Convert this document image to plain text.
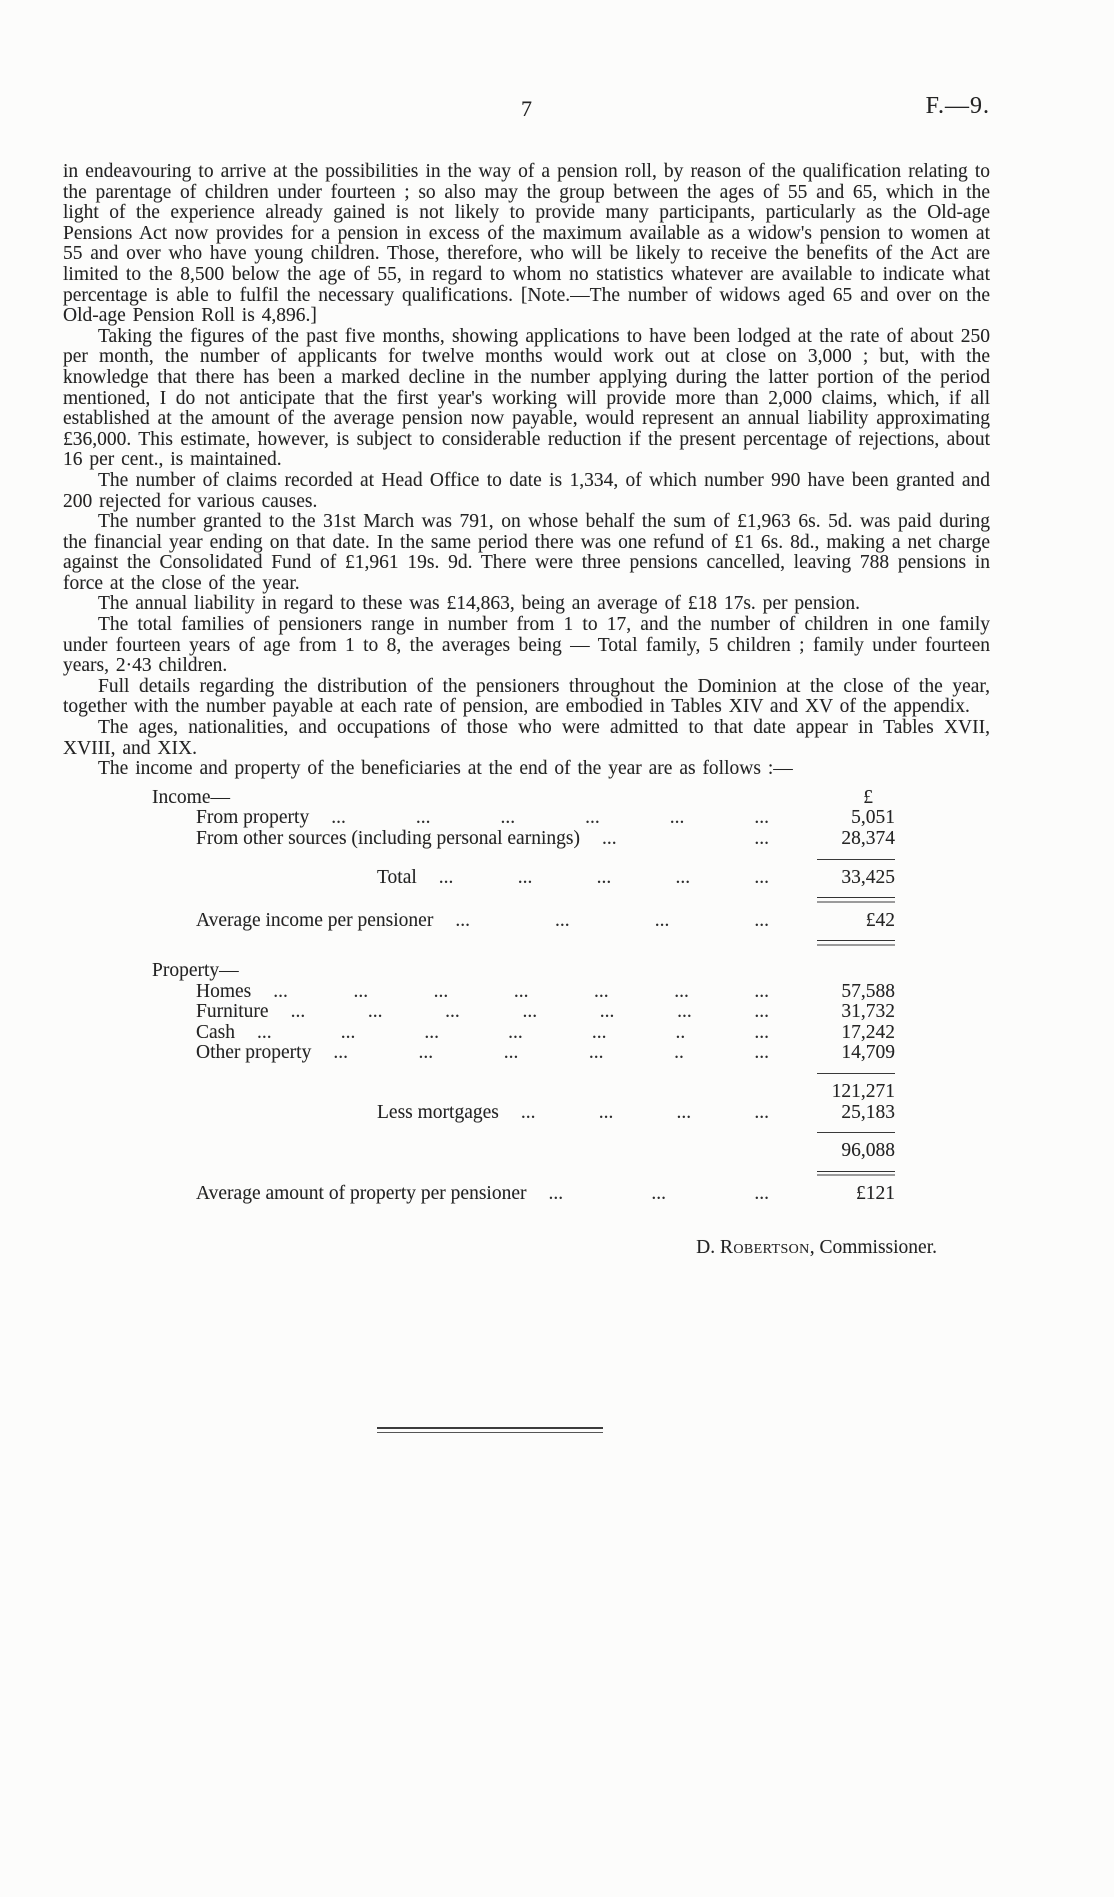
7	F.—9.

in endeavouring to arrive at the possibilities in the way of a pension roll, by reason of the qualification relating to the parentage of children under fourteen ; so also may the group between the ages of 55 and 65, which in the light of the experience already gained is not likely to provide many participants, particularly as the Old-age Pensions Act now provides for a pension in excess of the maximum available as a widow's pension to women at 55 and over who have young children. Those, therefore, who will be likely to receive the benefits of the Act are limited to the 8,500 below the age of 55, in regard to whom no statistics whatever are available to indicate what percentage is able to fulfil the necessary qualifications. [Note.—The number of widows aged 65 and over on the Old-age Pension Roll is 4,896.]

Taking the figures of the past five months, showing applications to have been lodged at the rate of about 250 per month, the number of applicants for twelve months would work out at close on 3,000 ; but, with the knowledge that there has been a marked decline in the number applying during the latter portion of the period mentioned, I do not anticipate that the first year's working will provide more than 2,000 claims, which, if all established at the amount of the average pension now payable, would represent an annual liability approximating £36,000. This estimate, however, is subject to considerable reduction if the present percentage of rejections, about 16 per cent., is maintained.

The number of claims recorded at Head Office to date is 1,334, of which number 990 have been granted and 200 rejected for various causes.

The number granted to the 31st March was 791, on whose behalf the sum of £1,963 6s. 5d. was paid during the financial year ending on that date. In the same period there was one refund of £1 6s. 8d., making a net charge against the Consolidated Fund of £1,961 19s. 9d. There were three pensions cancelled, leaving 788 pensions in force at the close of the year.

The annual liability in regard to these was £14,863, being an average of £18 17s. per pension.

The total families of pensioners range in number from 1 to 17, and the number of children in one family under fourteen years of age from 1 to 8, the averages being — Total family, 5 children ; family under fourteen years, 2·43 children.

Full details regarding the distribution of the pensioners throughout the Dominion at the close of the year, together with the number payable at each rate of pension, are embodied in Tables XIV and XV of the appendix.

The ages, nationalities, and occupations of those who were admitted to that date appear in Tables XVII, XVIII, and XIX.

The income and property of the beneficiaries at the end of the year are as follows :—

Income—	£
From property	... ... ... ... ... ...	5,051
From other sources (including personal earnings)	... ...	28,374
Total	... ... ... ... ...	33,425
Average income per pensioner	... ... ... ...	£42
Property—
Homes	... ... ... ... ... ... ...	57,588
Furniture	... ... ... ... ... ... ...	31,732
Cash	... ... ... ... ... .. ...	17,242
Other property	... ... ... ... .. ...	14,709
121,271
Less mortgages	... ... ... ...	25,183
96,088
Average amount of property per pensioner	... ... ...	£121
D. Robertson, Commissioner.
